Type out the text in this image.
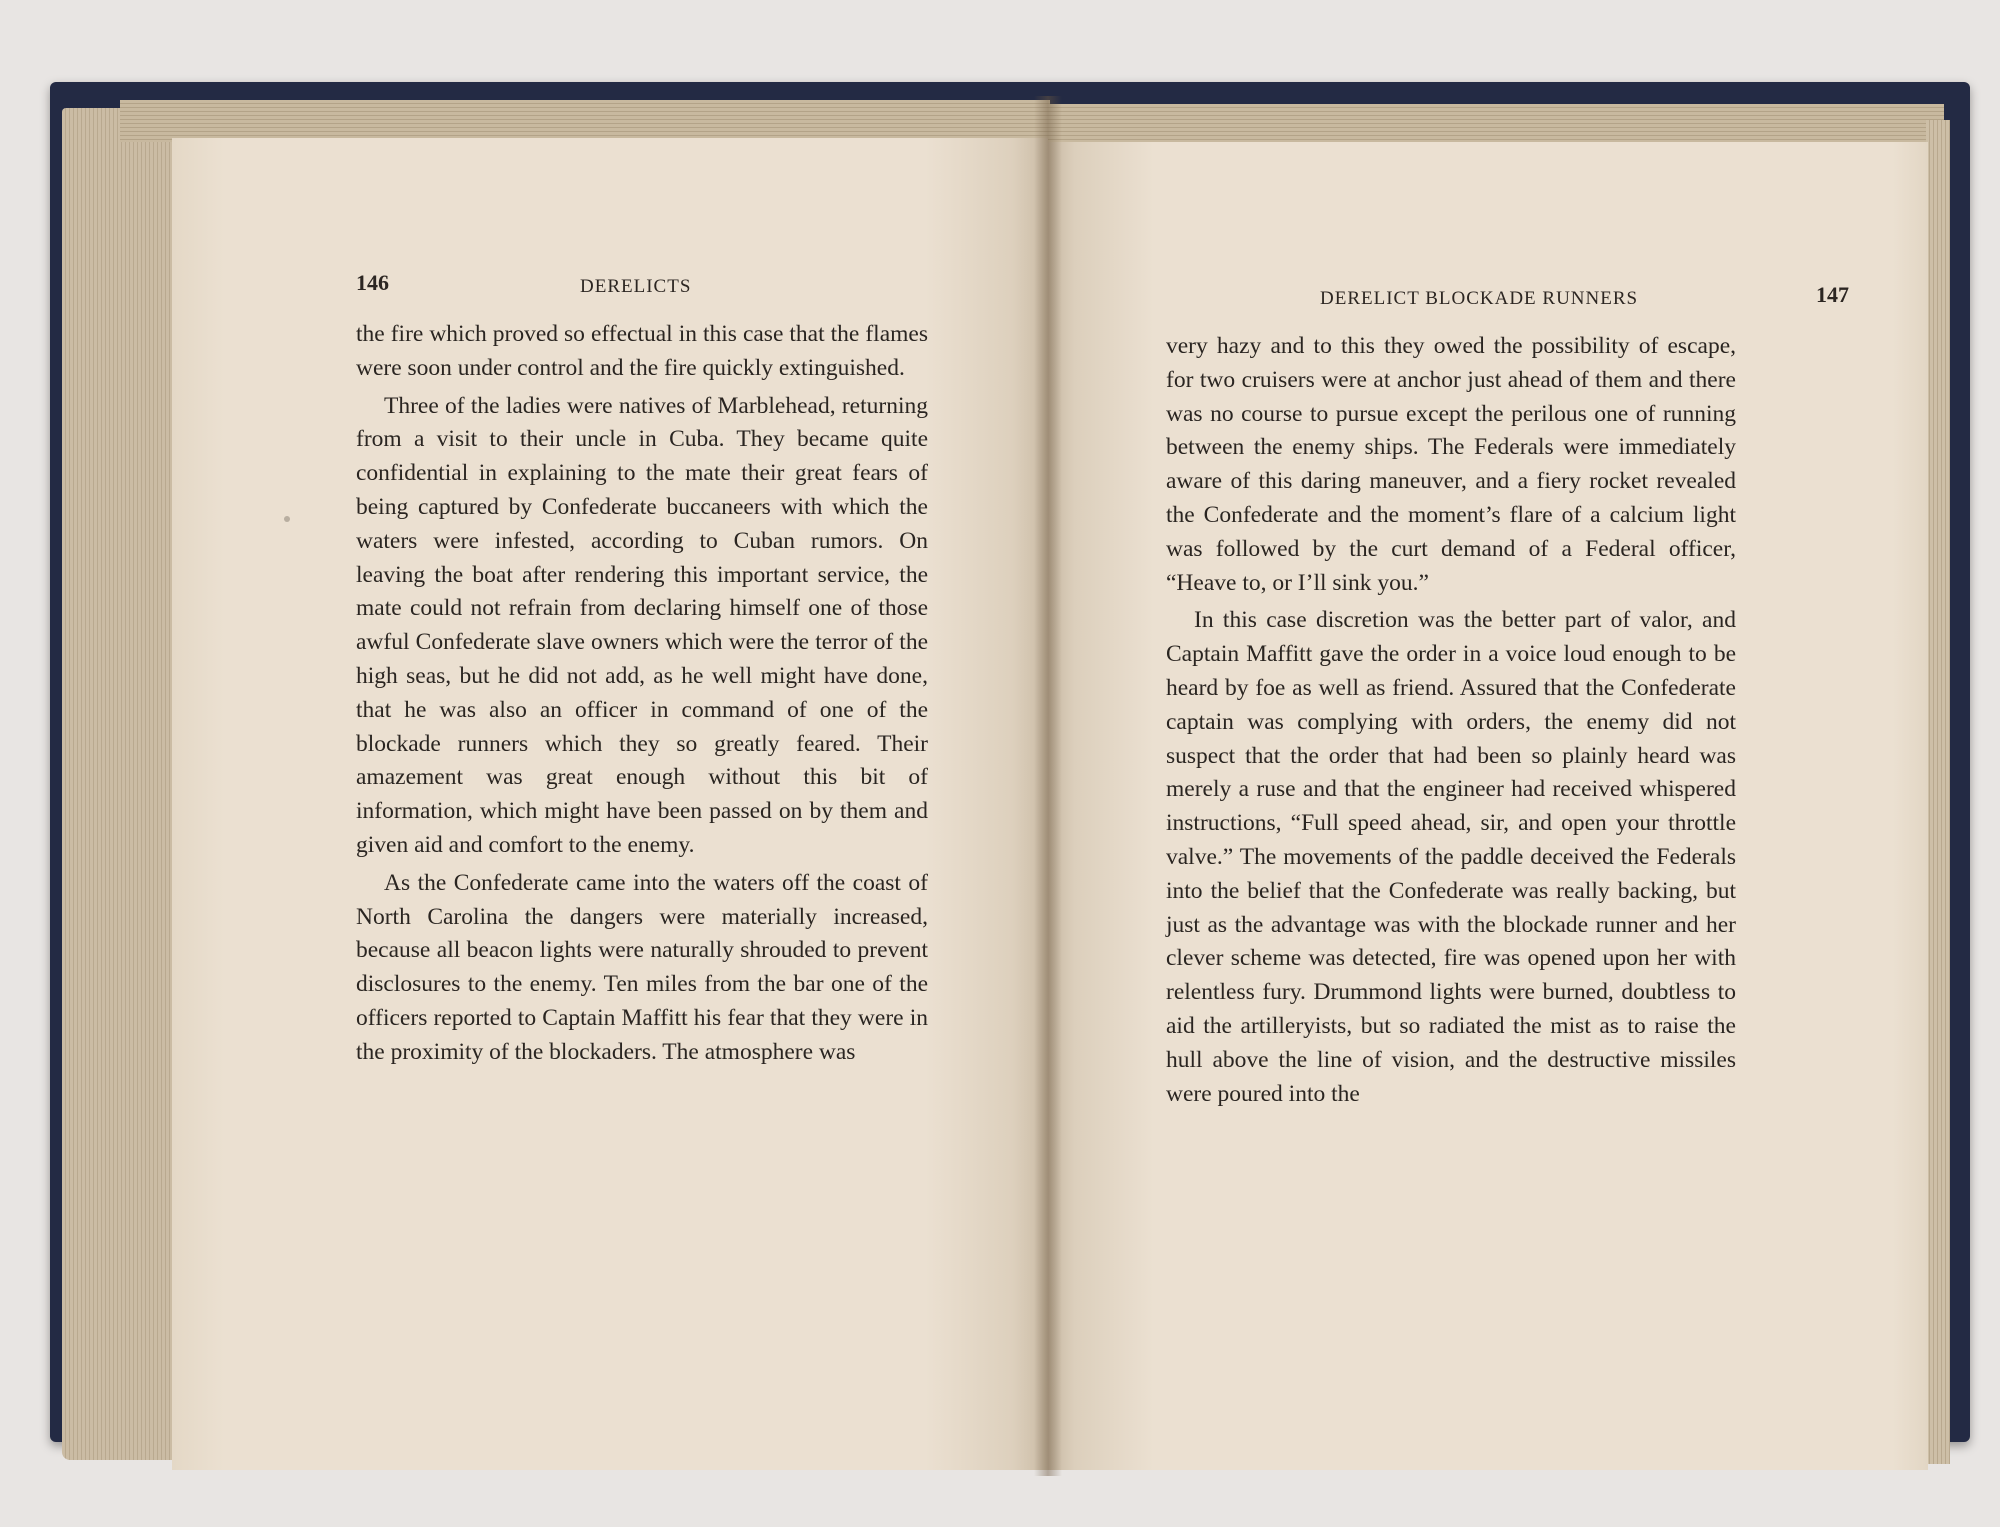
146	DERELICTS

the fire which proved so effectual in this case that the flames were soon under control and the fire quickly extinguished.

Three of the ladies were natives of Marblehead, returning from a visit to their uncle in Cuba. They became quite confidential in explaining to the mate their great fears of being captured by Confederate buccaneers with which the waters were infested, according to Cuban rumors. On leaving the boat after rendering this important service, the mate could not refrain from declaring himself one of those awful Confederate slave owners which were the terror of the high seas, but he did not add, as he well might have done, that he was also an officer in command of one of the blockade runners which they so greatly feared. Their amazement was great enough without this bit of information, which might have been passed on by them and given aid and comfort to the enemy.

As the Confederate came into the waters off the coast of North Carolina the dangers were materially increased, because all beacon lights were naturally shrouded to prevent disclosures to the enemy. Ten miles from the bar one of the officers reported to Captain Maffitt his fear that they were in the proximity of the blockaders. The atmosphere was

DERELICT BLOCKADE RUNNERS	147

very hazy and to this they owed the possibility of escape, for two cruisers were at anchor just ahead of them and there was no course to pursue except the perilous one of running between the enemy ships. The Federals were immediately aware of this daring maneuver, and a fiery rocket revealed the Confederate and the moment’s flare of a calcium light was followed by the curt demand of a Federal officer, “Heave to, or I’ll sink you.”

In this case discretion was the better part of valor, and Captain Maffitt gave the order in a voice loud enough to be heard by foe as well as friend. Assured that the Confederate captain was complying with orders, the enemy did not suspect that the order that had been so plainly heard was merely a ruse and that the engineer had received whispered instructions, “Full speed ahead, sir, and open your throttle valve.” The movements of the paddle deceived the Federals into the belief that the Confederate was really backing, but just as the advantage was with the blockade runner and her clever scheme was detected, fire was opened upon her with relentless fury. Drummond lights were burned, doubtless to aid the artilleryists, but so radiated the mist as to raise the hull above the line of vision, and the destructive missiles were poured into the
